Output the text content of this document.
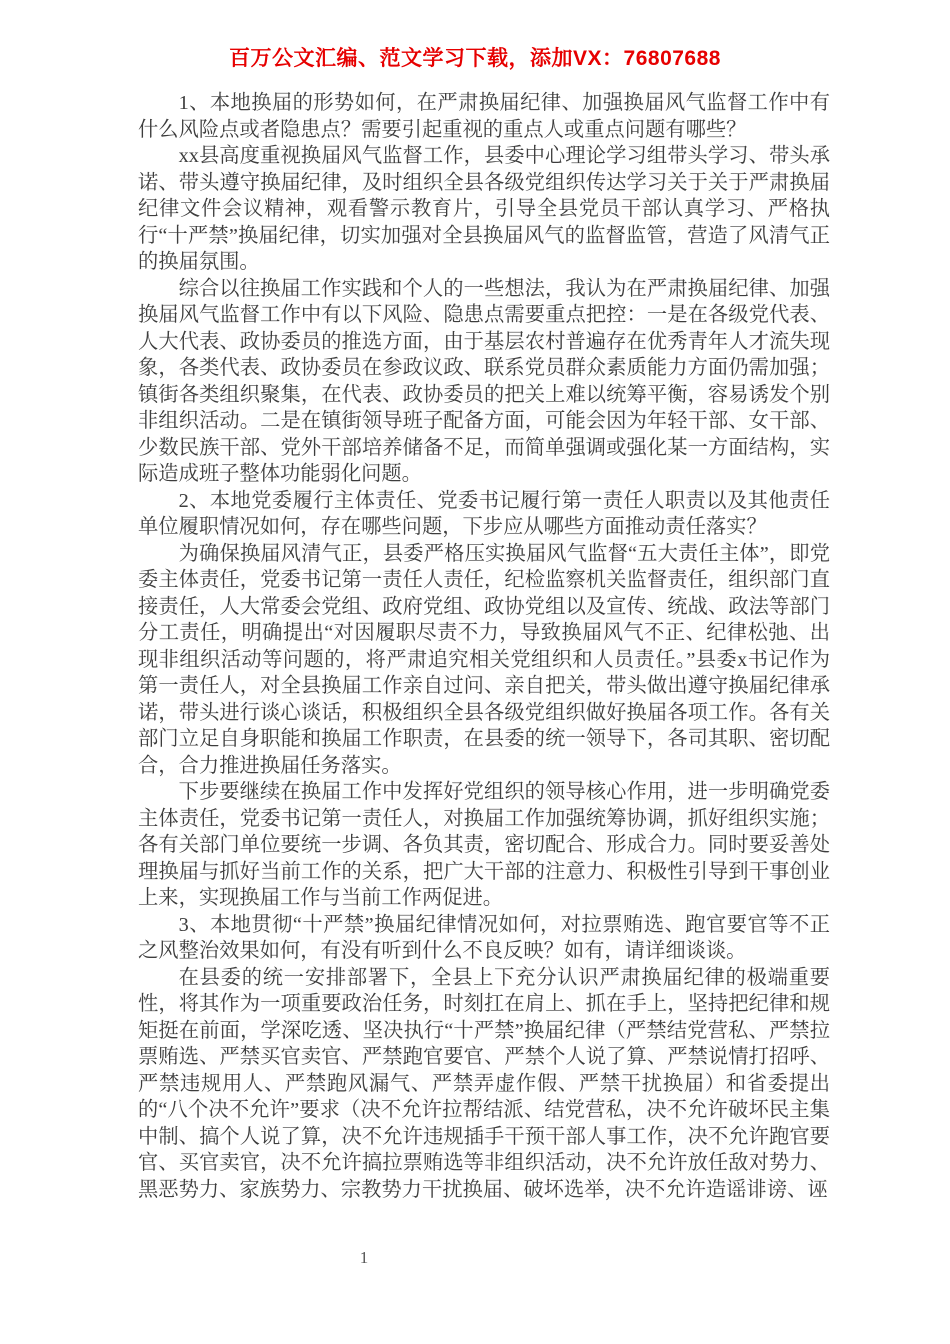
百万公文汇编、范文学习下载，添加VX：76807688

1、本地换届的形势如何，在严肃换届纪律、加强换届风气监督工作中有什么风险点或者隐患点？需要引起重视的重点人或重点问题有哪些？

xx县高度重视换届风气监督工作，县委中心理论学习组带头学习、带头承诺、带头遵守换届纪律，及时组织全县各级党组织传达学习关于关于严肃换届纪律文件会议精神，观看警示教育片，引导全县党员干部认真学习、严格执行“十严禁”换届纪律，切实加强对全县换届风气的监督监管，营造了风清气正的换届氛围。

综合以往换届工作实践和个人的一些想法，我认为在严肃换届纪律、加强换届风气监督工作中有以下风险、隐患点需要重点把控：一是在各级党代表、人大代表、政协委员的推选方面，由于基层农村普遍存在优秀青年人才流失现象，各类代表、政协委员在参政议政、联系党员群众素质能力方面仍需加强；镇街各类组织聚集，在代表、政协委员的把关上难以统筹平衡，容易诱发个别非组织活动。二是在镇街领导班子配备方面，可能会因为年轻干部、女干部、少数民族干部、党外干部培养储备不足，而简单强调或强化某一方面结构，实际造成班子整体功能弱化问题。

2、本地党委履行主体责任、党委书记履行第一责任人职责以及其他责任单位履职情况如何，存在哪些问题，下步应从哪些方面推动责任落实？

为确保换届风清气正，县委严格压实换届风气监督“五大责任主体”，即党委主体责任，党委书记第一责任人责任，纪检监察机关监督责任，组织部门直接责任，人大常委会党组、政府党组、政协党组以及宣传、统战、政法等部门分工责任，明确提出“对因履职尽责不力，导致换届风气不正、纪律松弛、出现非组织活动等问题的，将严肃追究相关党组织和人员责任。”县委x书记作为第一责任人，对全县换届工作亲自过问、亲自把关，带头做出遵守换届纪律承诺，带头进行谈心谈话，积极组织全县各级党组织做好换届各项工作。各有关部门立足自身职能和换届工作职责，在县委的统一领导下，各司其职、密切配合，合力推进换届任务落实。

下步要继续在换届工作中发挥好党组织的领导核心作用，进一步明确党委主体责任，党委书记第一责任人，对换届工作加强统筹协调，抓好组织实施；各有关部门单位要统一步调、各负其责，密切配合、形成合力。同时要妥善处理换届与抓好当前工作的关系，把广大干部的注意力、积极性引导到干事创业上来，实现换届工作与当前工作两促进。

3、本地贯彻“十严禁”换届纪律情况如何，对拉票贿选、跑官要官等不正之风整治效果如何，有没有听到什么不良反映？如有，请详细谈谈。

在县委的统一安排部署下，全县上下充分认识严肃换届纪律的极端重要性，将其作为一项重要政治任务，时刻扛在肩上、抓在手上，坚持把纪律和规矩挺在前面，学深吃透、坚决执行“十严禁”换届纪律（严禁结党营私、严禁拉票贿选、严禁买官卖官、严禁跑官要官、严禁个人说了算、严禁说情打招呼、严禁违规用人、严禁跑风漏气、严禁弄虚作假、严禁干扰换届）和省委提出的“八个决不允许”要求（决不允许拉帮结派、结党营私，决不允许破坏民主集中制、搞个人说了算，决不允许违规插手干预干部人事工作，决不允许跑官要官、买官卖官，决不允许搞拉票贿选等非组织活动，决不允许放任敌对势力、黑恶势力、家族势力、宗教势力干扰换届、破坏选举，决不允许造谣诽谤、诬

1
